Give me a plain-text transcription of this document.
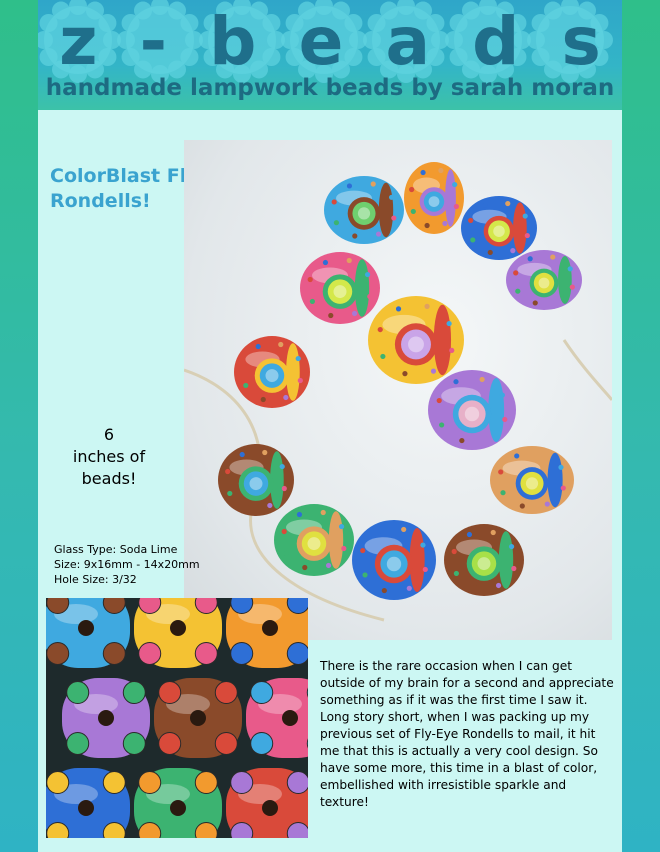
z - b e a d s
handmade lampwork beads by sarah moran
ColorBlast Fly-Eye Rondells!
6
inches of
beads!
Glass Type: Soda Lime
Size: 9x16mm - 14x20mm
Hole Size: 3/32
There is the rare occasion when I can get outside of my brain for a second and appreciate something as if it was the first time I saw it. Long story short, when I was packing up my previous set of Fly-Eye Rondells to mail, it hit me that this is actually a very cool design. So have some more, this time in a blast of color, embellished with irresistible sparkle and texture!
